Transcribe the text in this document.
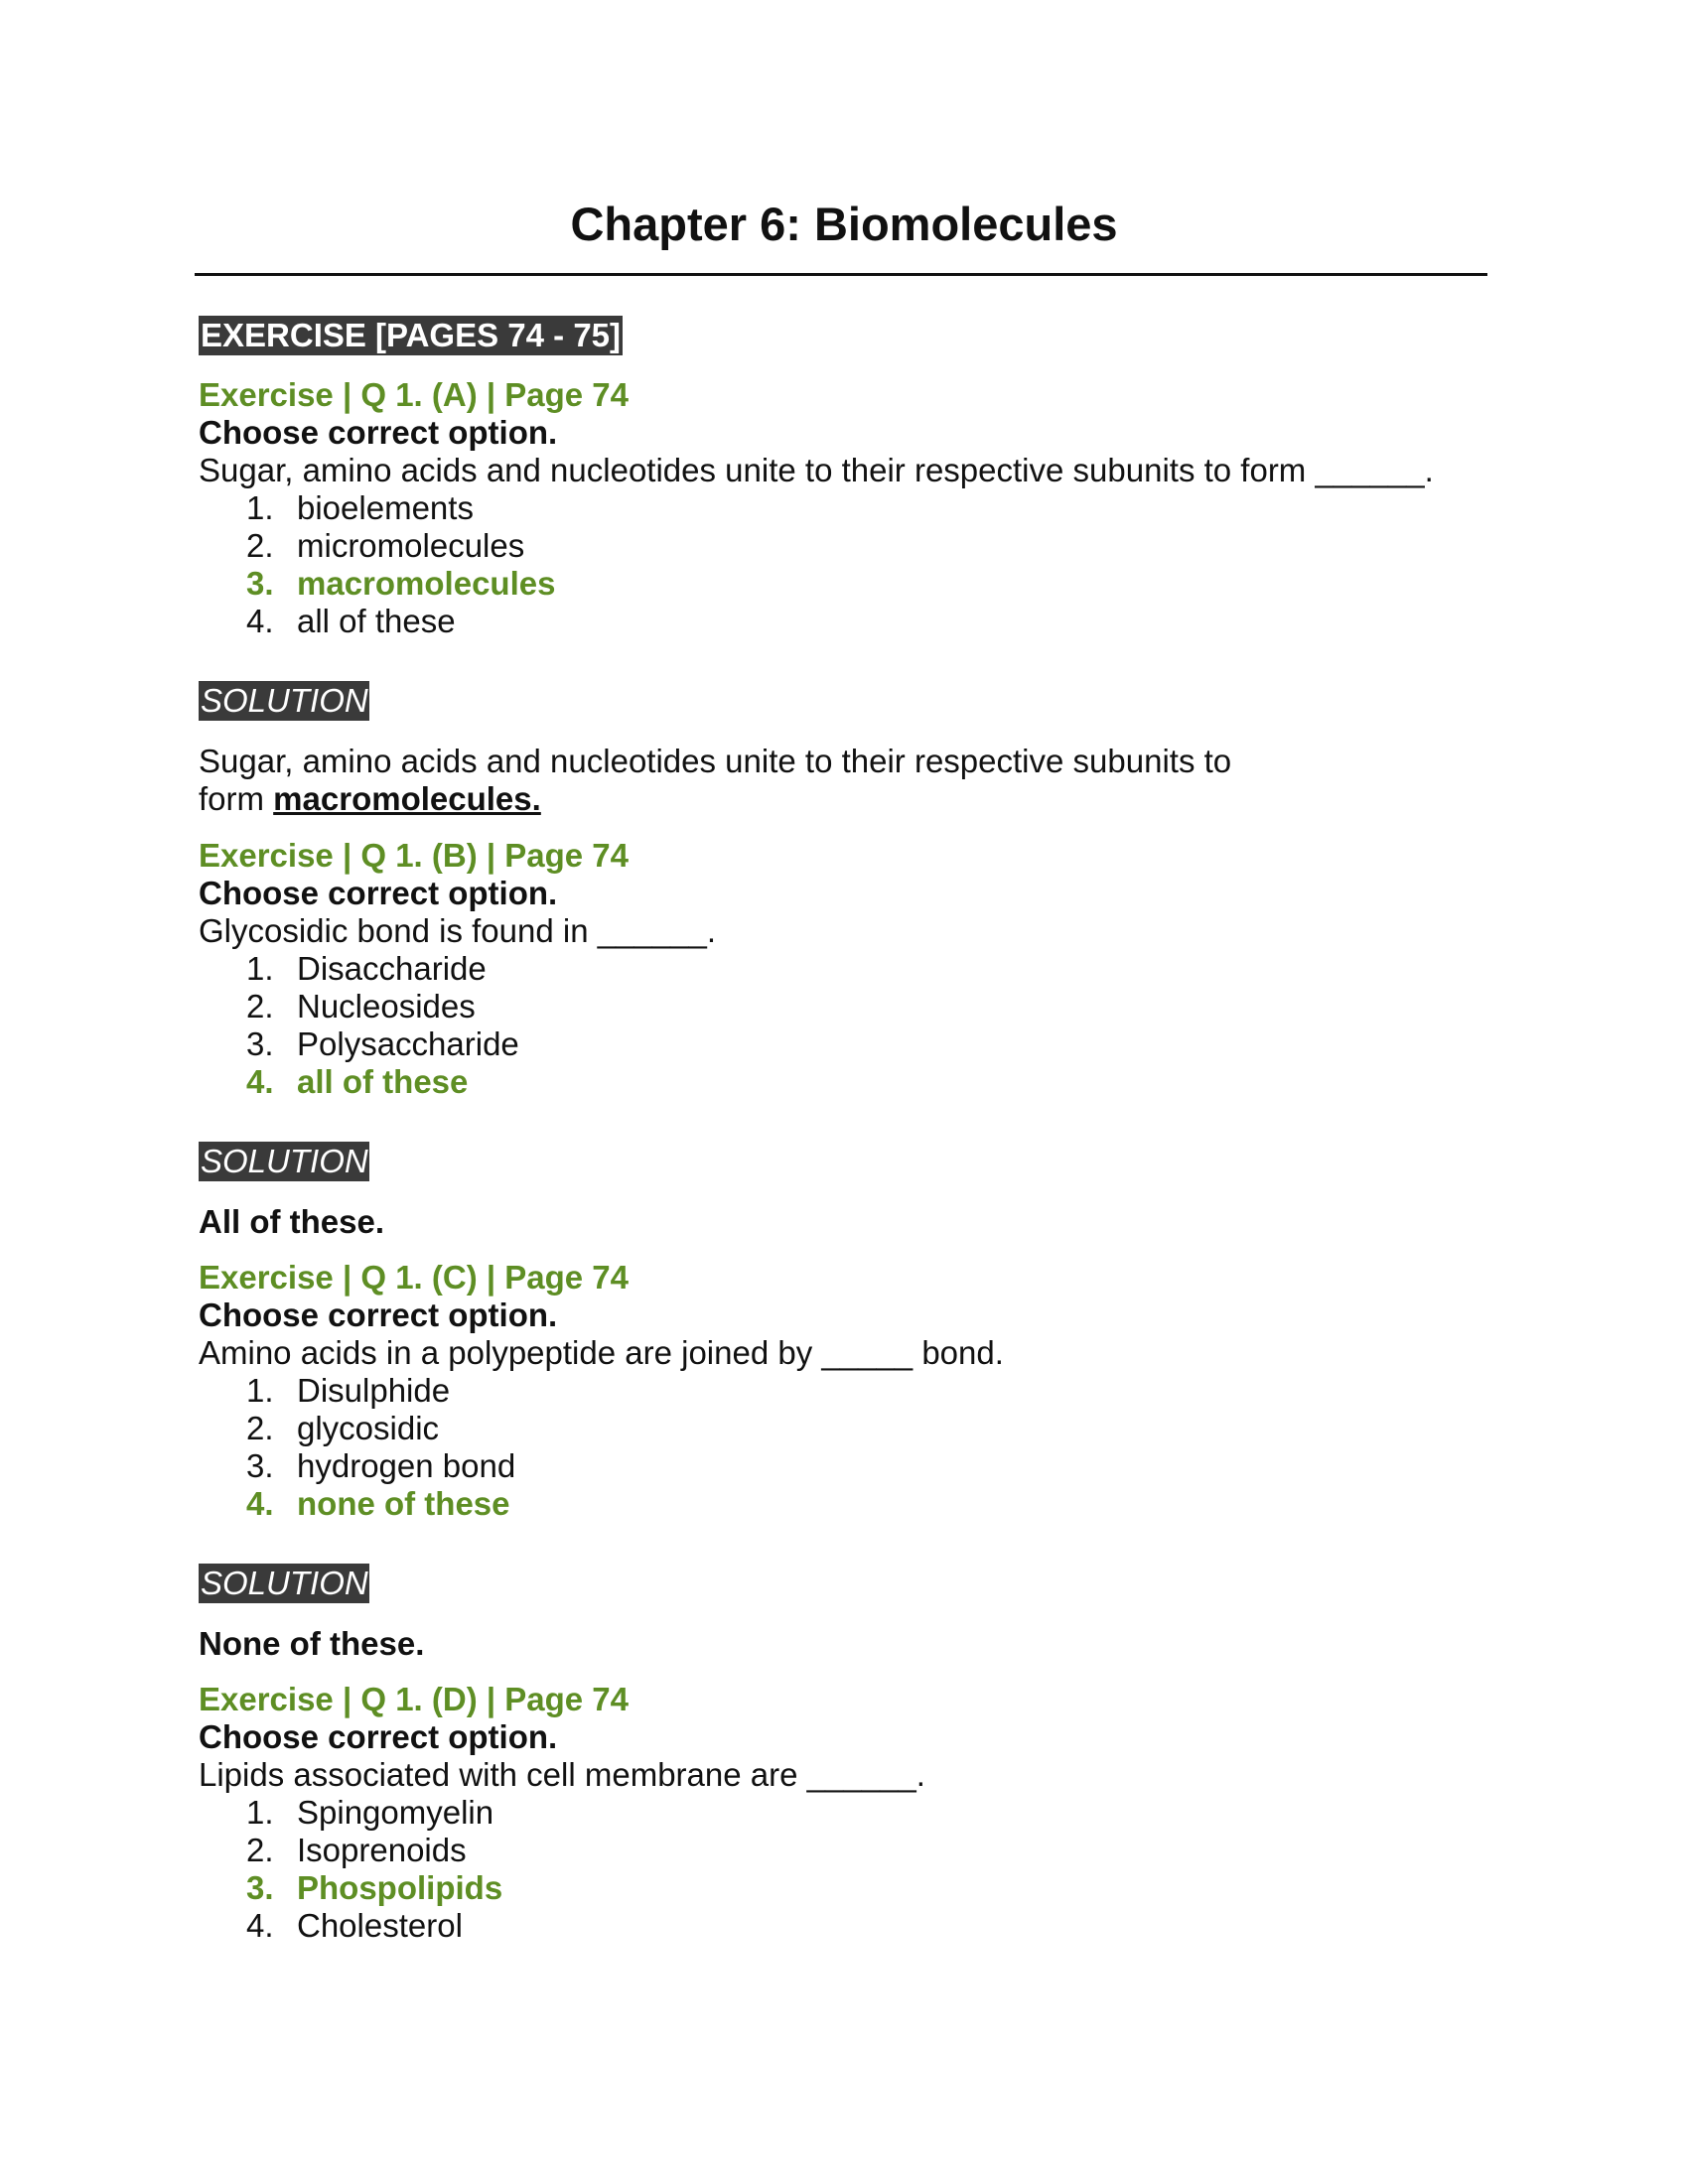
Chapter 6: Biomolecules
EXERCISE [PAGES 74 - 75]
Exercise | Q 1. (A) | Page 74
Choose correct option.
Sugar, amino acids and nucleotides unite to their respective subunits to form ______.
1. bioelements
2. micromolecules
3. macromolecules
4. all of these
SOLUTION
Sugar, amino acids and nucleotides unite to their respective subunits to
form macromolecules.
Exercise | Q 1. (B) | Page 74
Choose correct option.
Glycosidic bond is found in ______.
1. Disaccharide
2. Nucleosides
3. Polysaccharide
4. all of these
SOLUTION
All of these.
Exercise | Q 1. (C) | Page 74
Choose correct option.
Amino acids in a polypeptide are joined by _____ bond.
1. Disulphide
2. glycosidic
3. hydrogen bond
4. none of these
SOLUTION
None of these.
Exercise | Q 1. (D) | Page 74
Choose correct option.
Lipids associated with cell membrane are ______.
1. Spingomyelin
2. Isoprenoids
3. Phospolipids
4. Cholesterol
